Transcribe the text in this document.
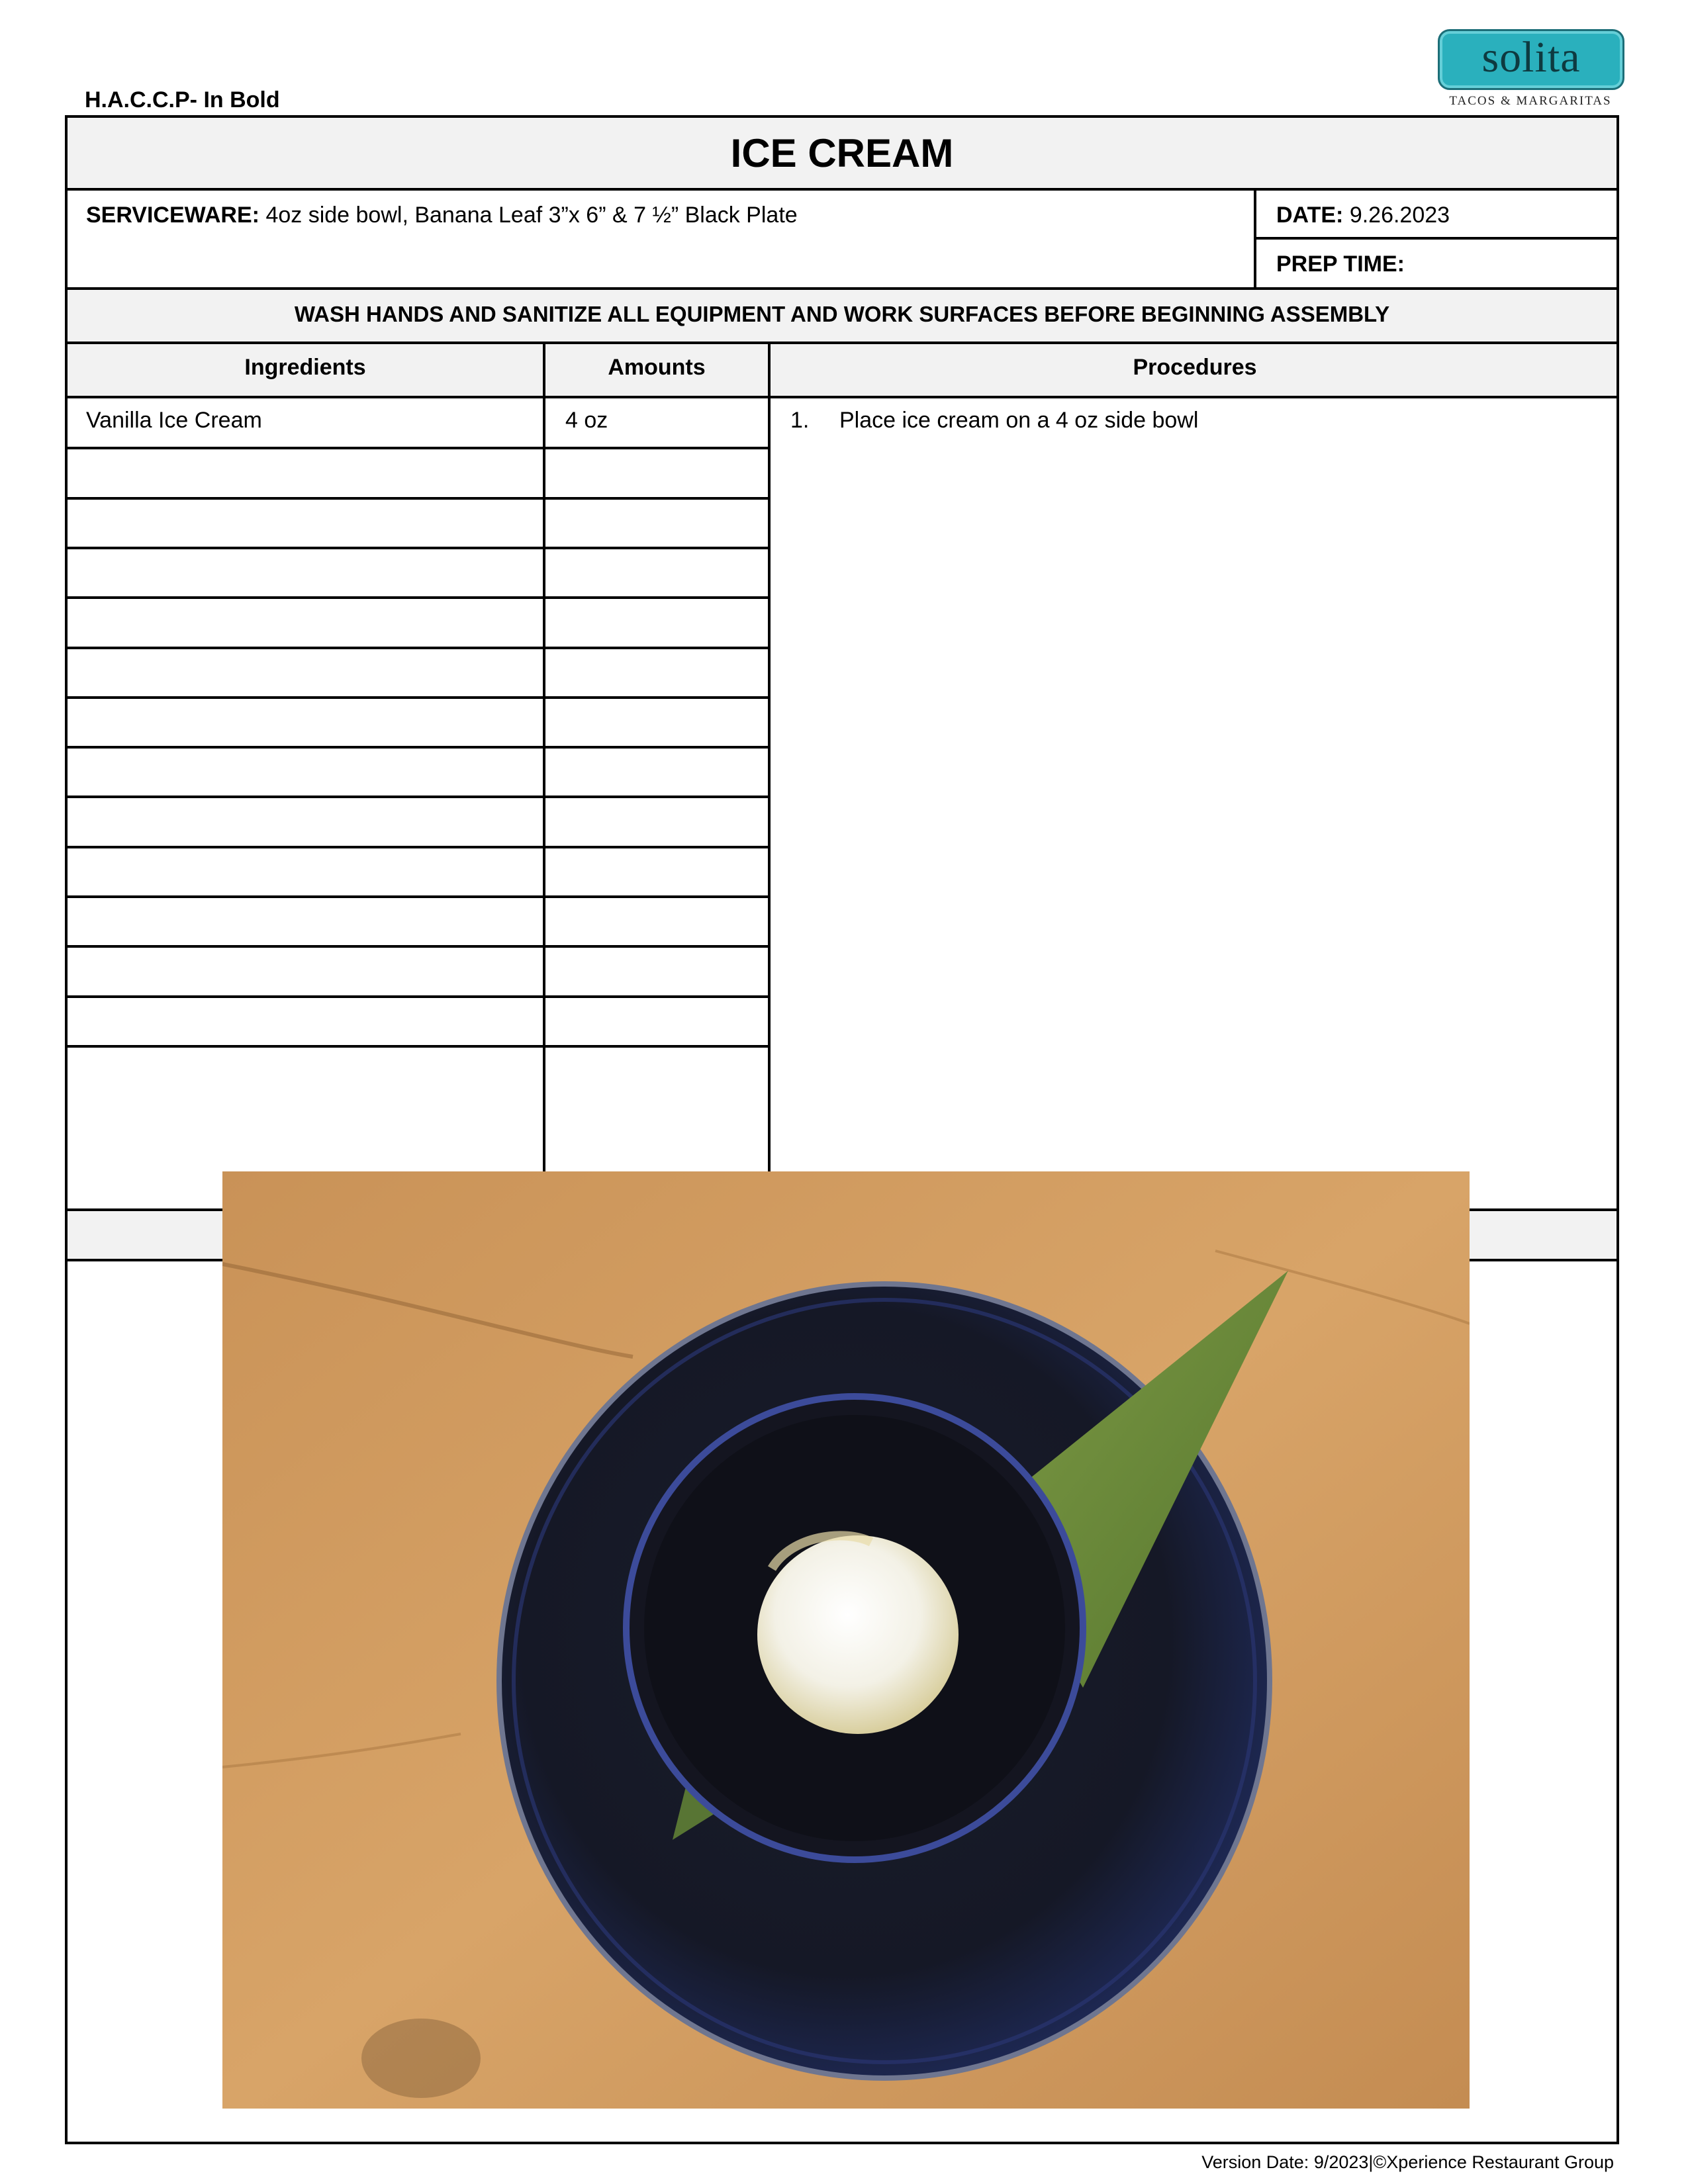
H.A.C.C.P- In Bold
solita
TACOS & MARGARITAS
ICE CREAM
SERVICEWARE: 4oz side bowl, Banana Leaf 3”x 6” & 7 ½” Black Plate	DATE: 9.26.2023
PREP TIME:
WASH HANDS AND SANITIZE ALL EQUIPMENT AND WORK SURFACES BEFORE BEGINNING ASSEMBLY
Ingredients	Amounts	Procedures
Vanilla Ice Cream	4 oz	1. Place ice cream on a 4 oz side bowl
Version Date: 9/2023|©Xperience Restaurant Group
